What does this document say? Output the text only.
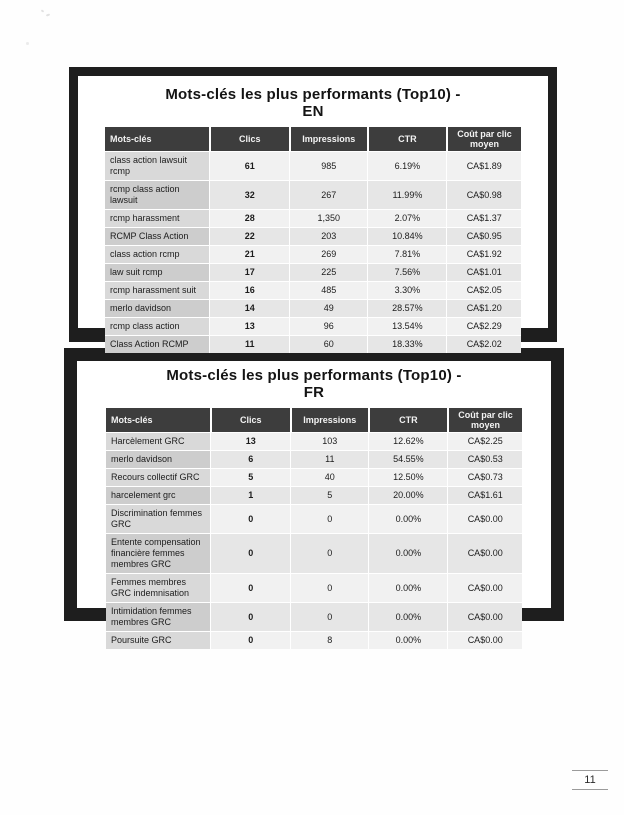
Mots-clés les plus performants (Top10) -
EN
Mots-clés	Clics	Impressions	CTR	Coût par clic moyen
class action lawsuit rcmp	61	985	6.19%	CA$1.89
rcmp class action lawsuit	32	267	11.99%	CA$0.98
rcmp harassment	28	1,350	2.07%	CA$1.37
RCMP Class Action	22	203	10.84%	CA$0.95
class action rcmp	21	269	7.81%	CA$1.92
law suit rcmp	17	225	7.56%	CA$1.01
rcmp harassment suit	16	485	3.30%	CA$2.05
merlo davidson	14	49	28.57%	CA$1.20
rcmp class action	13	96	13.54%	CA$2.29
Class Action RCMP	11	60	18.33%	CA$2.02
Mots-clés les plus performants (Top10) -
FR
Mots-clés	Clics	Impressions	CTR	Coût par clic moyen
Harcèlement GRC	13	103	12.62%	CA$2.25
merlo davidson	6	11	54.55%	CA$0.53
Recours collectif GRC	5	40	12.50%	CA$0.73
harcelement grc	1	5	20.00%	CA$1.61
Discrimination femmes GRC	0	0	0.00%	CA$0.00
Entente compensation financière femmes membres GRC	0	0	0.00%	CA$0.00
Femmes membres GRC indemnisation	0	0	0.00%	CA$0.00
Intimidation femmes membres GRC	0	0	0.00%	CA$0.00
Poursuite GRC	0	8	0.00%	CA$0.00
11
